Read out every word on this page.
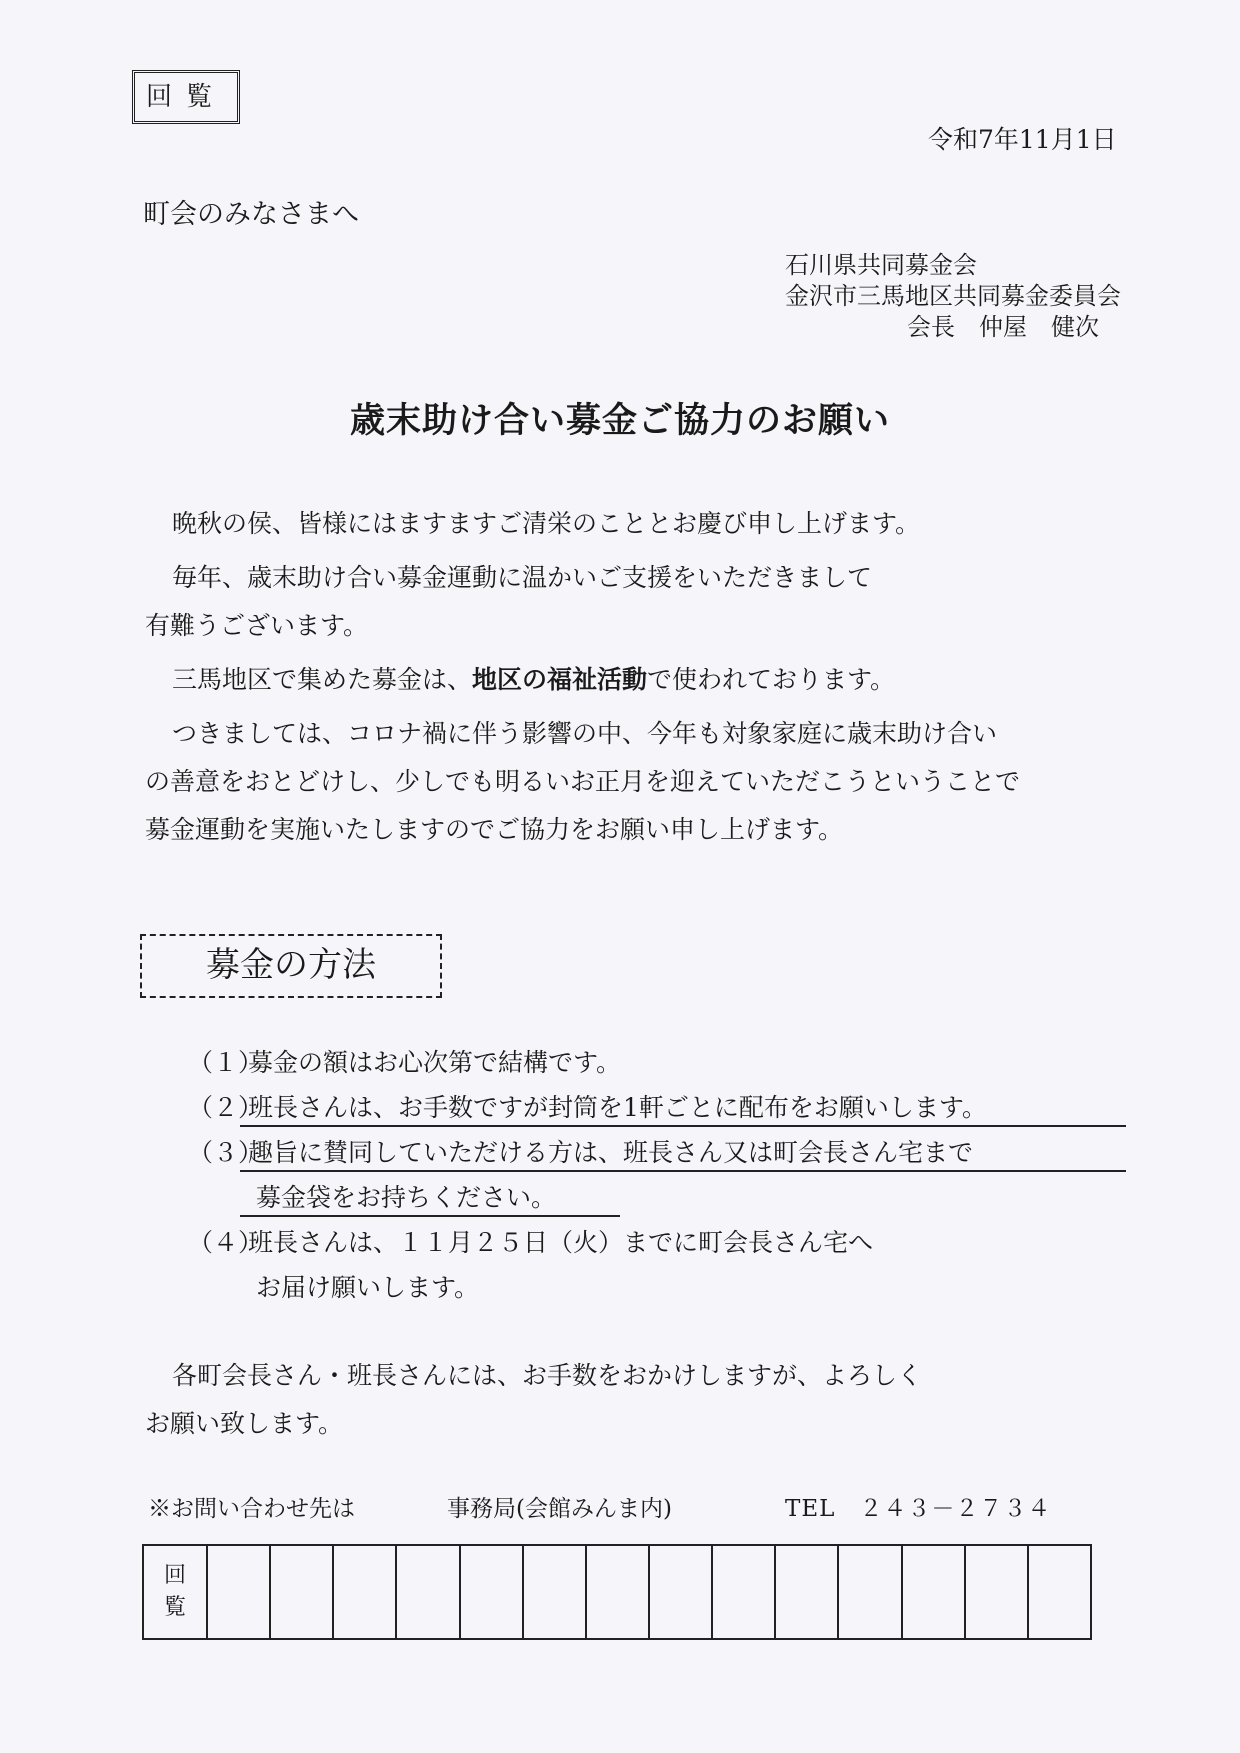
回覧
令和7年11月1日
町会のみなさまへ
石川県共同募金会
金沢市三馬地区共同募金委員会
会長　仲屋　健次
歳末助け合い募金ご協力のお願い

晩秋の侯、皆様にはますますご清栄のこととお慶び申し上げます。

毎年、歳末助け合い募金運動に温かいご支援をいただきまして

有難うございます。

三馬地区で集めた募金は、地区の福祉活動で使われております。

つきましては、コロナ禍に伴う影響の中、今年も対象家庭に歳末助け合い

の善意をおとどけし、少しでも明るいお正月を迎えていただこうということで

募金運動を実施いたしますのでご協力をお願い申し上げます。

募金の方法
（１）募金の額はお心次第で結構です。
（２）班長さんは、お手数ですが封筒を1軒ごとに配布をお願いします。
（３）趣旨に賛同していただける方は、班長さん又は町会長さん宅まで
募金袋をお持ちください。
（４）班長さんは、１１月２５日（火）までに町会長さん宅へ
お届け願いします。

各町会長さん・班長さんには、お手数をおかけしますが、よろしく

お願い致します。

※お問い合わせ先は	事務局(会館みんま内)	TEL　２４３－２７３４
回
覧
